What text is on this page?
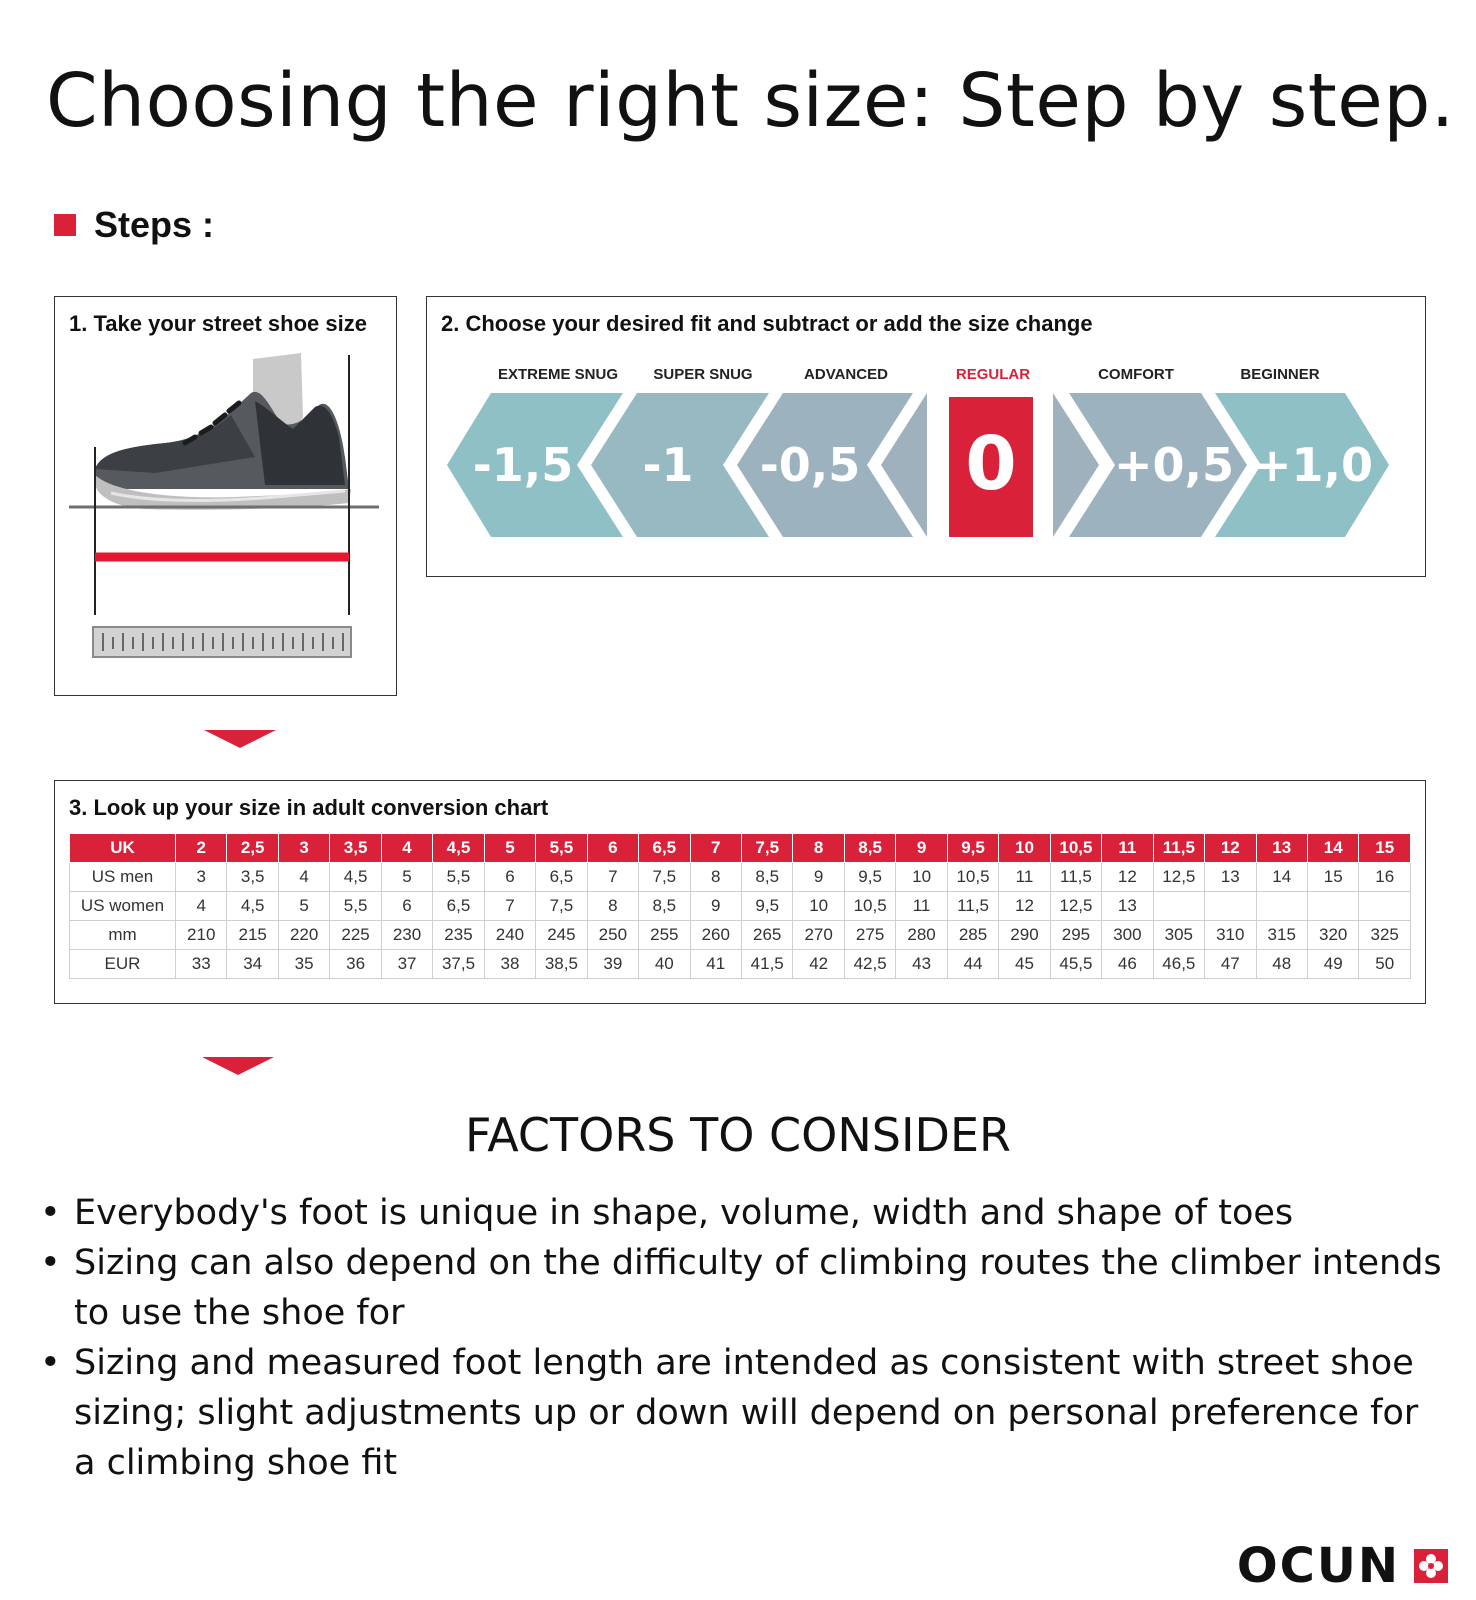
Choosing the right size: Step by step.
Steps :
1. Take your street shoe size	2. Choose your desired fit and subtract or add the size change
EXTREME SNUG SUPER SNUG	ADVANCED	REGULAR	COMFORT	BEGINNER
-1,5 -1 -0,5 0 +0,5 +1,0
3. Look up your size in adult conversion chart
UK	2	2,5	3	3,5	4	4,5	5	5,5	6	6,5	7	7,5	8	8,5	9	9,5	10	10,5	11	11,5	12	13	14	15
US men	3	3,5	4	4,5	5	5,5	6	6,5	7	7,5	8	8,5	9	9,5	10	10,5	11	11,5	12	12,5	13	14	15	16
US women	4	4,5	5	5,5	6	6,5	7	7,5	8	8,5	9	9,5	10	10,5	11	11,5	12	12,5	13					
mm	210	215	220	225	230	235	240	245	250	255	260	265	270	275	280	285	290	295	300	305	310	315	320	325
EUR	33	34	35	36	37	37,5	38	38,5	39	40	41	41,5	42	42,5	43	44	45	45,5	46	46,5	47	48	49	50
FACTORS TO CONSIDER
• Everybody's foot is unique in shape, volume, width and shape of toes
• Sizing can also depend on the difficulty of climbing routes the climber intends to use the shoe for
• Sizing and measured foot length are intended as consistent with street shoe sizing; slight adjustments up or down will depend on personal preference for a climbing shoe fit
OCUN
